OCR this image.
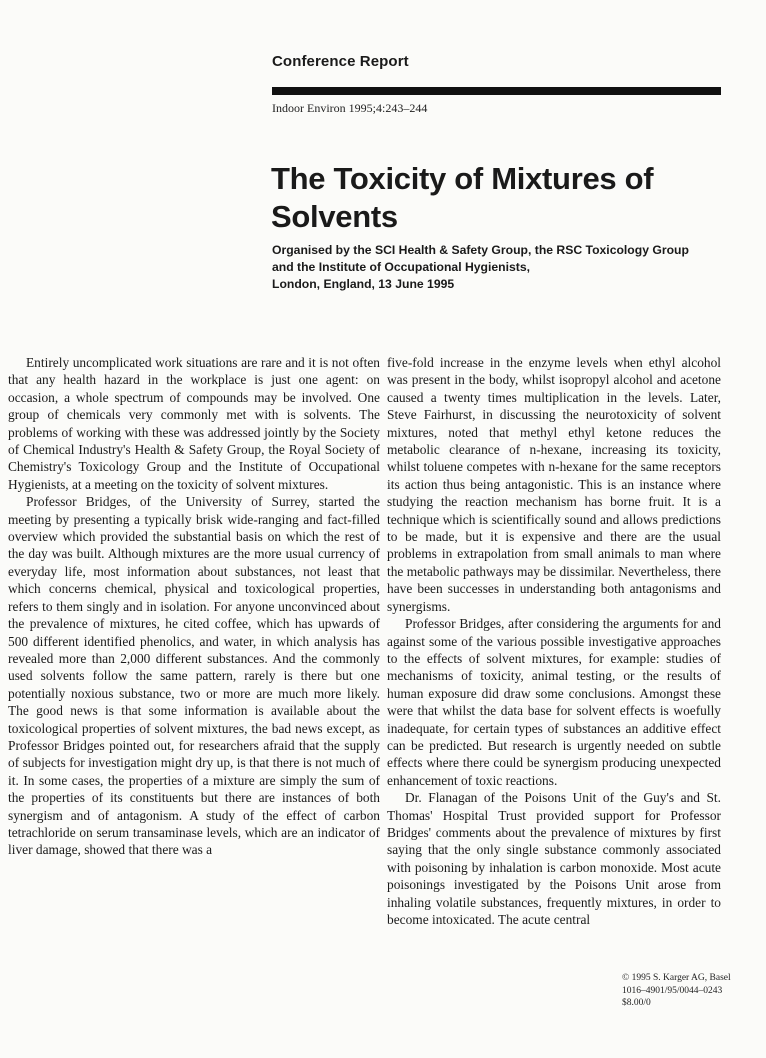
Conference Report
Indoor Environ 1995;4:243–244
The Toxicity of Mixtures of Solvents
Organised by the SCI Health & Safety Group, the RSC Toxicology Group
and the Institute of Occupational Hygienists,
London, England, 13 June 1995

Entirely uncomplicated work situations are rare and it is not often that any health hazard in the workplace is just one agent: on occasion, a whole spectrum of compounds may be involved. One group of chemicals very commonly met with is solvents. The problems of working with these was addressed jointly by the Society of Chemical Industry's Health & Safety Group, the Royal Society of Chemistry's Toxicology Group and the Institute of Occupational Hygienists, at a meeting on the toxicity of solvent mixtures.

Professor Bridges, of the University of Surrey, started the meeting by presenting a typically brisk wide-ranging and fact-filled overview which provided the substantial basis on which the rest of the day was built. Although mixtures are the more usual currency of everyday life, most information about substances, not least that which concerns chemical, physical and toxicological properties, refers to them singly and in isolation. For anyone unconvinced about the prevalence of mixtures, he cited coffee, which has upwards of 500 different identified phenolics, and water, in which analysis has revealed more than 2,000 different substances. And the commonly used solvents follow the same pattern, rarely is there but one potentially noxious substance, two or more are much more likely. The good news is that some information is available about the toxicological properties of solvent mixtures, the bad news except, as Professor Bridges pointed out, for researchers afraid that the supply of subjects for investigation might dry up, is that there is not much of it. In some cases, the properties of a mixture are simply the sum of the properties of its constituents but there are instances of both synergism and of antagonism. A study of the effect of carbon tetrachloride on serum transaminase levels, which are an indicator of liver damage, showed that there was a

five-fold increase in the enzyme levels when ethyl alcohol was present in the body, whilst isopropyl alcohol and acetone caused a twenty times multiplication in the levels. Later, Steve Fairhurst, in discussing the neurotoxicity of solvent mixtures, noted that methyl ethyl ketone reduces the metabolic clearance of n-hexane, increasing its toxicity, whilst toluene competes with n-hexane for the same receptors its action thus being antagonistic. This is an instance where studying the reaction mechanism has borne fruit. It is a technique which is scientifically sound and allows predictions to be made, but it is expensive and there are the usual problems in extrapolation from small animals to man where the metabolic pathways may be dissimilar. Nevertheless, there have been successes in understanding both antagonisms and synergisms.

Professor Bridges, after considering the arguments for and against some of the various possible investigative approaches to the effects of solvent mixtures, for example: studies of mechanisms of toxicity, animal testing, or the results of human exposure did draw some conclusions. Amongst these were that whilst the data base for solvent effects is woefully inadequate, for certain types of substances an additive effect can be predicted. But research is urgently needed on subtle effects where there could be synergism producing unexpected enhancement of toxic reactions.

Dr. Flanagan of the Poisons Unit of the Guy's and St. Thomas' Hospital Trust provided support for Professor Bridges' comments about the prevalence of mixtures by first saying that the only single substance commonly associated with poisoning by inhalation is carbon monoxide. Most acute poisonings investigated by the Poisons Unit arose from inhaling volatile substances, frequently mixtures, in order to become intoxicated. The acute central

© 1995 S. Karger AG, Basel
1016–4901/95/0044–0243
$8.00/0
